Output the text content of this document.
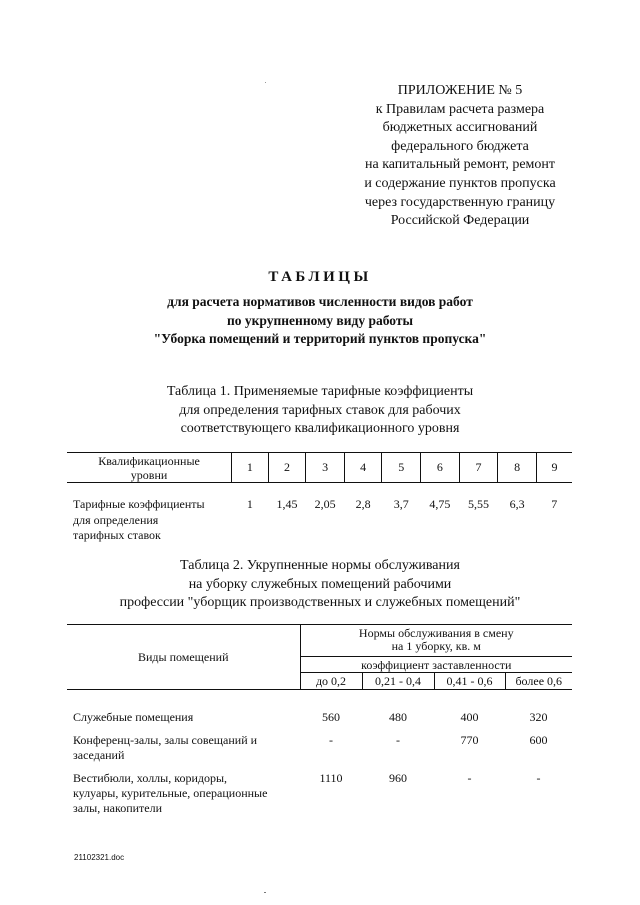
ПРИЛОЖЕНИЕ № 5
к Правилам расчета размера
бюджетных ассигнований
федерального бюджета
на капитальный ремонт, ремонт
и содержание пунктов пропуска
через государственную границу
Российской Федерации
ТАБЛИЦЫ
для расчета нормативов численности видов работ
по укрупненному виду работы
"Уборка помещений и территорий пунктов пропуска"
Таблица 1. Применяемые тарифные коэффициенты
для определения тарифных ставок для рабочих
соответствующего квалификационного уровня
Квалификационные
уровни	1	2	3	4	5	6	7	8	9

Тарифные коэффициенты
для определения
тарифных ставок	1	1,45	2,05	2,8	3,7	4,75	5,55	6,3	7
Таблица 2. Укрупненные нормы обслуживания
на уборку служебных помещений рабочими
профессии "уборщик производственных и служебных помещений"
Виды помещений	Нормы обслуживания в смену
на 1 уборку, кв. м			

	коэффициент заставленности			
	до 0,2	0,21 - 0,4	0,41 - 0,6	более 0,6

Служебные помещения	560	480	400	320

Конференц-залы, залы совещаний и
заседаний	-	-	770	600

Вестибюли, холлы, коридоры,
кулуары, курительные, операционные
залы, накопители	1110	960	-	-
21102321.doc
